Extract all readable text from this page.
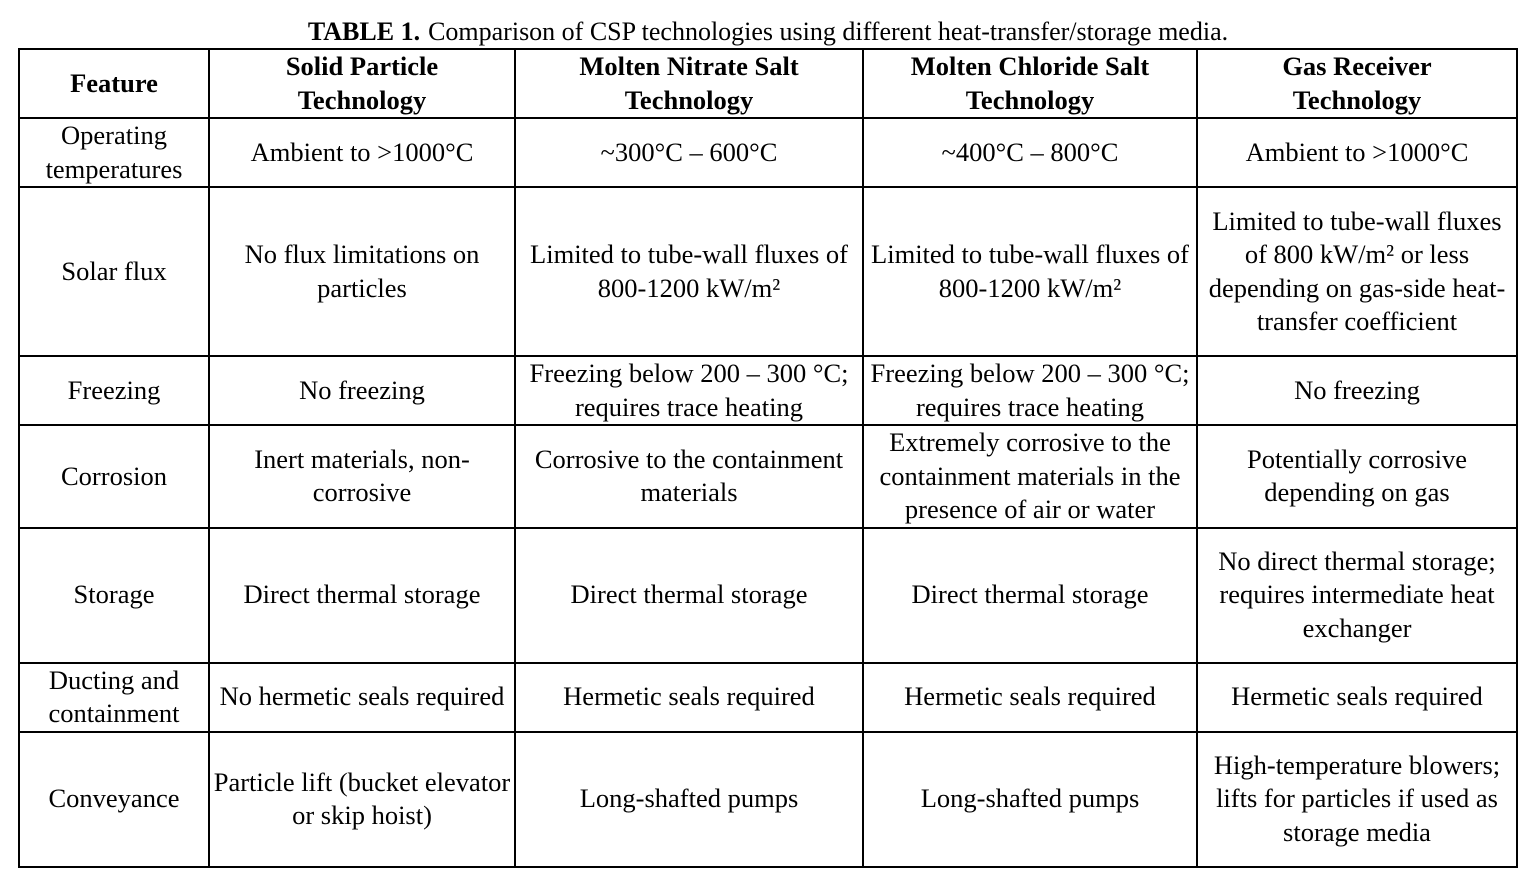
TABLE 1. Comparison of CSP technologies using different heat-transfer/storage media.
Feature	Solid Particle Technology	Molten Nitrate Salt Technology	Molten Chloride Salt Technology	Gas Receiver Technology
Operating temperatures	Ambient to >1000°C	~300°C – 600°C	~400°C – 800°C	Ambient to >1000°C
Solar flux	No flux limitations on particles	Limited to tube-wall fluxes of 800-1200 kW/m²	Limited to tube-wall fluxes of 800-1200 kW/m²	Limited to tube-wall fluxes of 800 kW/m² or less depending on gas-side heat-transfer coefficient
Freezing	No freezing	Freezing below 200 – 300 °C; requires trace heating	Freezing below 200 – 300 °C; requires trace heating	No freezing
Corrosion	Inert materials, non-corrosive	Corrosive to the containment materials	Extremely corrosive to the containment materials in the presence of air or water	Potentially corrosive depending on gas
Storage	Direct thermal storage	Direct thermal storage	Direct thermal storage	No direct thermal storage; requires intermediate heat exchanger
Ducting and containment	No hermetic seals required	Hermetic seals required	Hermetic seals required	Hermetic seals required
Conveyance	Particle lift (bucket elevator or skip hoist)	Long-shafted pumps	Long-shafted pumps	High-temperature blowers; lifts for particles if used as storage media
